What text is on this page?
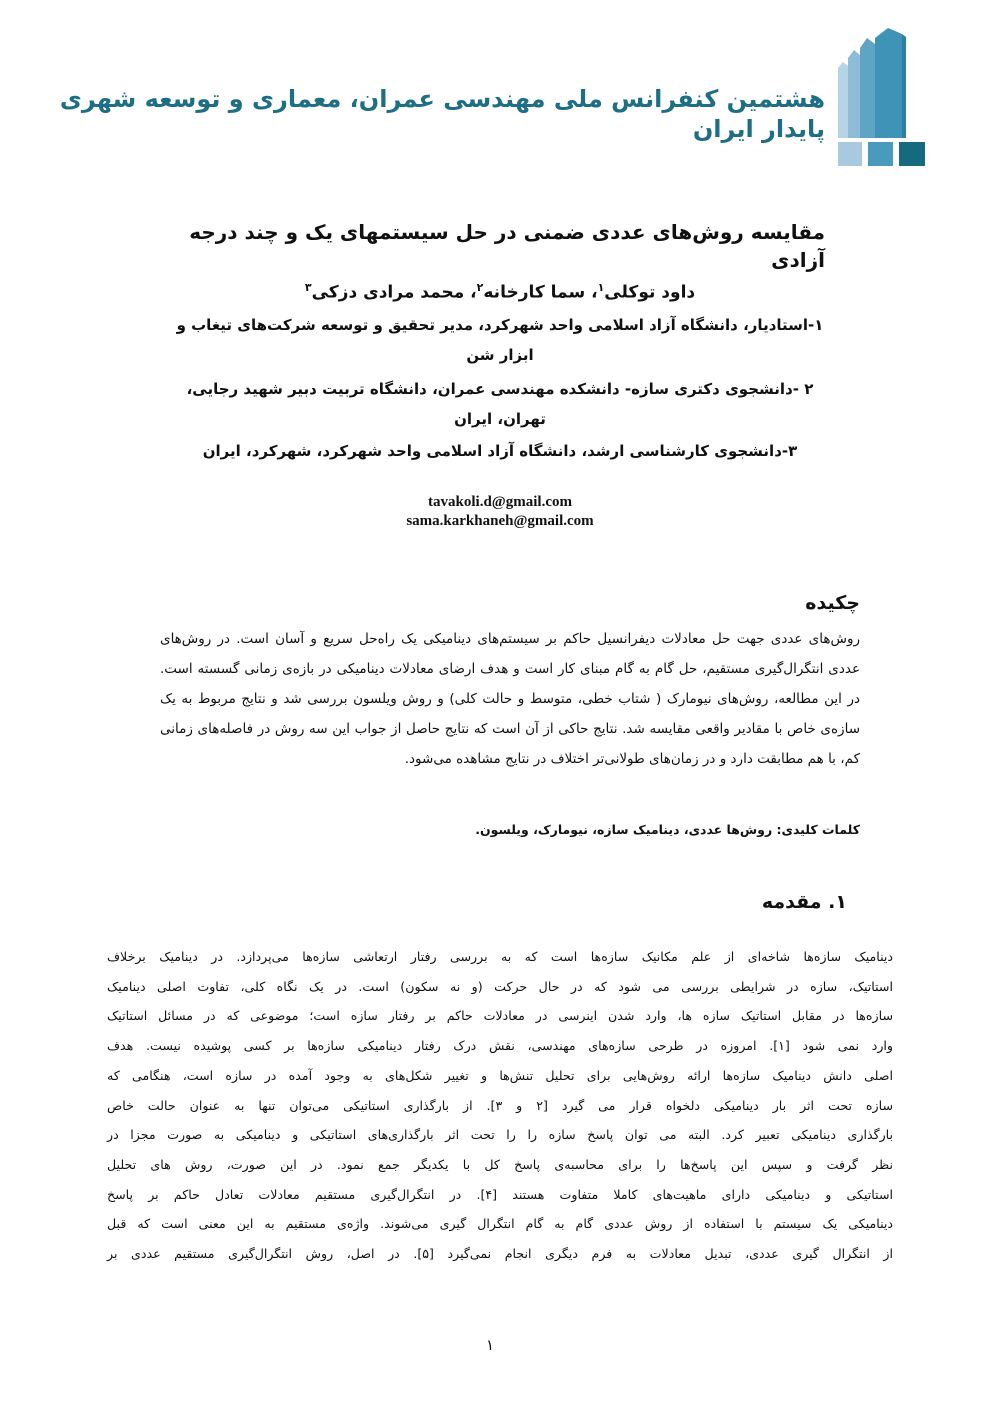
هشتمین کنفرانس ملی مهندسی عمران، معماری و توسعه شهری پایدار ایران
مقایسه روش‌های عددی ضمنی در حل سیستمهای یک و چند درجه آزادی
داود توکلی$^۱$، سما کارخانه$^۲$، محمد مرادی دزکی$^۳$
۱-استادیار، دانشگاه آزاد اسلامی واحد شهرکرد، مدیر تحقیق و توسعه شرکت‌های تیغاب و
ابزار شن
۲ -دانشجوی دکتری سازه- دانشکده مهندسی عمران، دانشگاه تربیت دبیر شهید رجایی،
تهران، ایران
۳-دانشجوی کارشناسی ارشد، دانشگاه آزاد اسلامی واحد شهرکرد، شهرکرد، ایران
tavakoli.d@gmail.com
sama.karkhaneh@gmail.com
چکیده
روش‌های عددی جهت حل معادلات دیفرانسیل حاکم بر سیستم‌های دینامیکی یک راه‌حل سریع و آسان است. در روش‌های عددی انتگرال‌گیری مستقیم، حل گام به گام مبنای کار است و هدف ارضای معادلات دینامیکی در بازه‌ی زمانی گسسته است. در این مطالعه، روش‌های نیومارک ( شتاب خطی، متوسط و حالت کلی) و روش ویلسون بررسی شد و نتایج مربوط به یک سازه‌ی خاص با مقادیر واقعی مقایسه شد. نتایج حاکی از آن است که نتایج حاصل از جواب این سه روش در فاصله‌های زمانی کم، با هم مطابقت دارد و در زمان‌های طولانی‌تر اختلاف در نتایج مشاهده می‌شود.
کلمات کلیدی: روش‌ها عددی، دینامیک سازه، نیومارک، ویلسون.
۱. مقدمه
دینامیک سازه‌ها شاخه‌ای از علم مکانیک سازه‌ها است که به بررسی رفتار ارتعاشی سازه‌ها می‌پردازد. در دینامیک برخلاف
استاتیک، سازه در شرایطی بررسی می شود که در حال حرکت (و نه سکون) است. در یک نگاه کلی، تفاوت اصلی دینامیک
سازه‌ها در مقابل استاتیک سازه ها، وارد شدن اینرسی در معادلات حاکم بر رفتار سازه است؛ موضوعی که در مسائل استاتیک
وارد نمی شود [۱]. امروزه در طرحی سازه‌های مهندسی، نقش درک رفتار دینامیکی سازه‌ها بر کسی پوشیده نیست. هدف
اصلی دانش دینامیک سازه‌ها ارائه روش‌هایی برای تحلیل تنش‌ها و تغییر شکل‌های به وجود آمده در سازه است، هنگامی که
سازه تحت اثر بار دینامیکی دلخواه قرار می گیرد [۲ و ۳]. از بارگذاری استاتیکی می‌توان تنها به عنوان حالت خاص
بارگذاری دینامیکی تعبیر کرد. البته می توان پاسخ سازه را را تحت اثر بارگذاری‌های استاتیکی و دینامیکی به صورت مجزا در
نظر گرفت و سپس این پاسخ‌ها را برای محاسبه‌ی پاسخ کل با یکدیگر جمع نمود. در این صورت، روش های تحلیل
استاتیکی و دینامیکی دارای ماهیت‌های کاملا متفاوت هستند [۴]. در انتگرال‌گیری مستقیم معادلات تعادل حاکم بر پاسخ
دینامیکی یک سیستم با استفاده از روش عددی گام به گام انتگرال گیری می‌شوند. واژه‌ی مستقیم به این معنی است که قبل
از انتگرال گیری عددی، تبدیل معادلات به فرم دیگری انجام نمی‌گیرد [۵]. در اصل، روش انتگرال‌گیری مستقیم عددی بر
۱
